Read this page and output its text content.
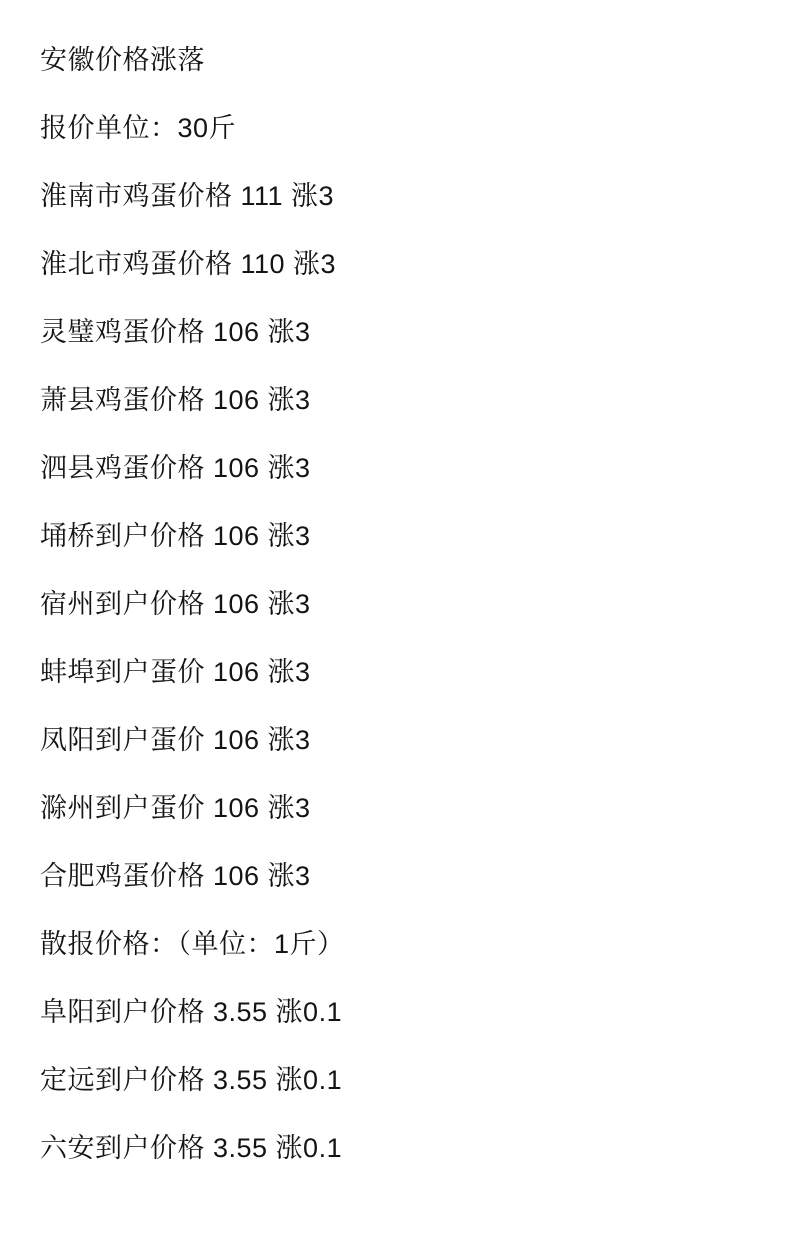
安徽价格涨落
报价单位：30斤
淮南市鸡蛋价格 111 涨3
淮北市鸡蛋价格 110 涨3
灵璧鸡蛋价格 106 涨3
萧县鸡蛋价格 106 涨3
泗县鸡蛋价格 106 涨3
埇桥到户价格 106 涨3
宿州到户价格 106 涨3
蚌埠到户蛋价 106 涨3
凤阳到户蛋价 106 涨3
滁州到户蛋价 106 涨3
合肥鸡蛋价格 106 涨3
散报价格：（单位：1斤）
阜阳到户价格 3.55 涨0.1
定远到户价格 3.55 涨0.1
六安到户价格 3.55 涨0.1
